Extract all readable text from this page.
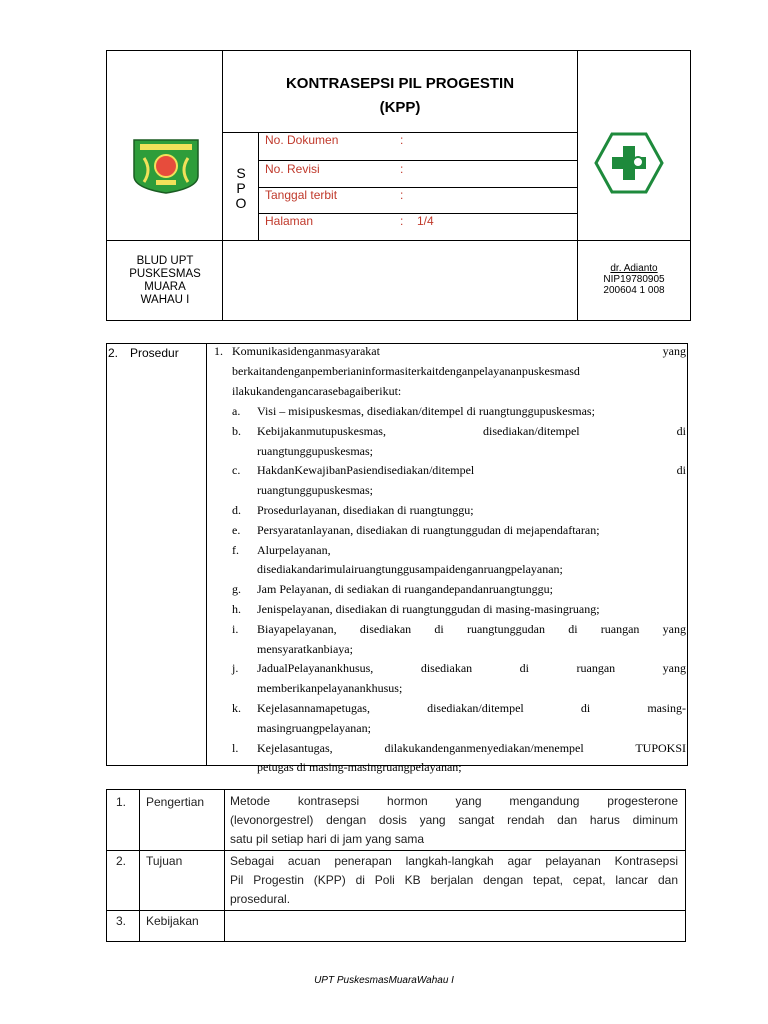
KONTRASEPSI PIL PROGESTIN
(KPP)
S
P
O
No. Dokumen	:
No. Revisi	:
Tanggal terbit	:
Halaman	: 1/4
BLUD UPT
PUSKESMAS
MUARA
WAHAU I
dr. Adianto
NIP19780905
200604 1 008
2. Prosedur	1. Komunikasidenganmasyarakat	yang
berkaitandenganpemberianinformasiterkaitdenganpelayananpuskesmasd
ilakukandengancarasebagaiberikut:
a. Visi – misipuskesmas, disediakan/ditempel di ruangtunggupuskesmas;
b. Kebijakanmutupuskesmas, disediakan/ditempel di
ruangtunggupuskesmas;
c. HakdanKewajibanPasiendisediakan/ditempel di
ruangtunggupuskesmas;
d. Prosedurlayanan, disediakan di ruangtunggu;
e. Persyaratanlayanan, disediakan di ruangtunggudan di mejapendaftaran;
f. Alurpelayanan,
disediakandarimulairuangtunggusampaidenganruangpelayanan;
g. Jam Pelayanan, di sediakan di ruangandepandanruangtunggu;
h. Jenispelayanan, disediakan di ruangtunggudan di masing-masingruang;
i. Biayapelayanan, disediakan di ruangtunggudan di ruangan yang
mensyaratkanbiaya;
j. JadualPelayanankhusus, disediakan di ruangan yang
memberikanpelayanankhusus;
k. Kejelasannamapetugas, disediakan/ditempel di masing-
masingruangpelayanan;
l. Kejelasantugas, dilakukandenganmenyediakan/menempel TUPOKSI
petugas di masing-masingruangpelayanan;
1. Pengertian Metode kontrasepsi hormon yang mengandung progesterone
(levonorgestrel) dengan dosis yang sangat rendah dan harus diminum
satu pil setiap hari di jam yang sama
2. Tujuan	Sebagai acuan penerapan langkah-langkah agar pelayanan Kontrasepsi
Pil Progestin (KPP) di Poli KB berjalan dengan tepat, cepat, lancar dan
prosedural.
3. Kebijakan
UPT PuskesmasMuaraWahau I
